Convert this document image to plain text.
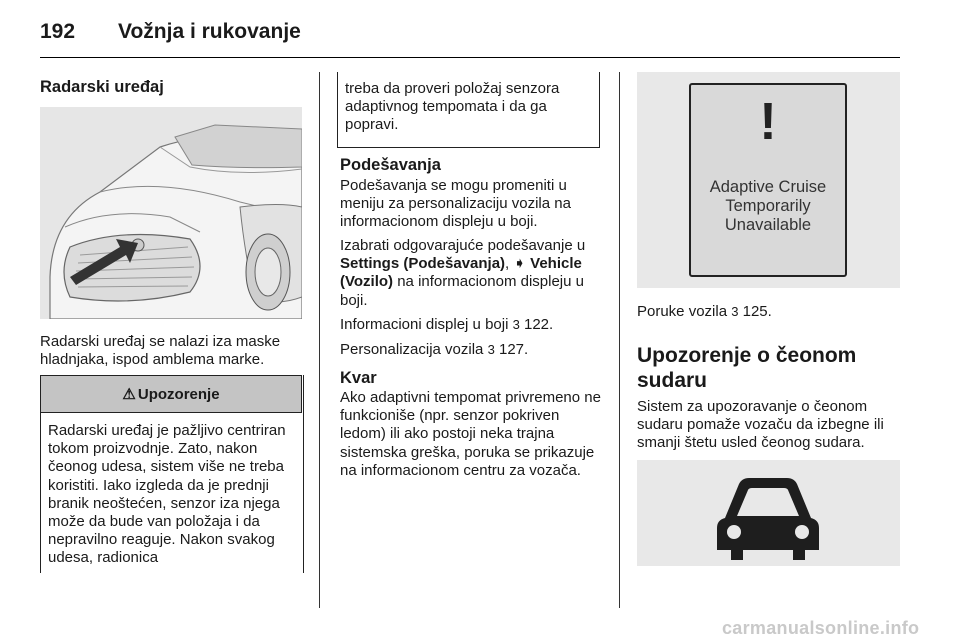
192 Vožnja i rukovanje
Radarski uređaj
Radarski uređaj se nalazi iza maske hladnjaka, ispod amblema marke.
⚠ Upozorenje
Radarski uređaj je pažljivo centriran tokom proizvodnje. Zato, nakon čeonog udesa, sistem više ne treba koristiti. Iako izgleda da je prednji branik neoštećen, senzor iza njega može da bude van položaja i da nepravilno reaguje. Nakon svakog udesa, radionica
treba da proveri položaj senzora adaptivnog tempomata i da ga popravi.
Podešavanja
Podešavanja se mogu promeniti u meniju za personalizaciju vozila na informacionom displeju u boji.
Izabrati odgovarajuće podešavanje u Settings (Podešavanja), ➧ Vehicle (Vozilo) na informacionom displeju u boji.
Informacioni displej u boji 3 122.
Personalizacija vozila 3 127.
Kvar
Ako adaptivni tempomat privremeno ne funkcioniše (npr. senzor pokriven ledom) ili ako postoji neka trajna sistemska greška, poruka se prikazuje na informacionom centru za vozača.
!
Adaptive Cruise
Temporarily
Unavailable
Poruke vozila 3 125.
Upozorenje o čeonom
sudaru
Sistem za upozoravanje o čeonom sudaru pomaže vozaču da izbegne ili smanji štetu usled čeonog sudara.
carmanualsonline.info
